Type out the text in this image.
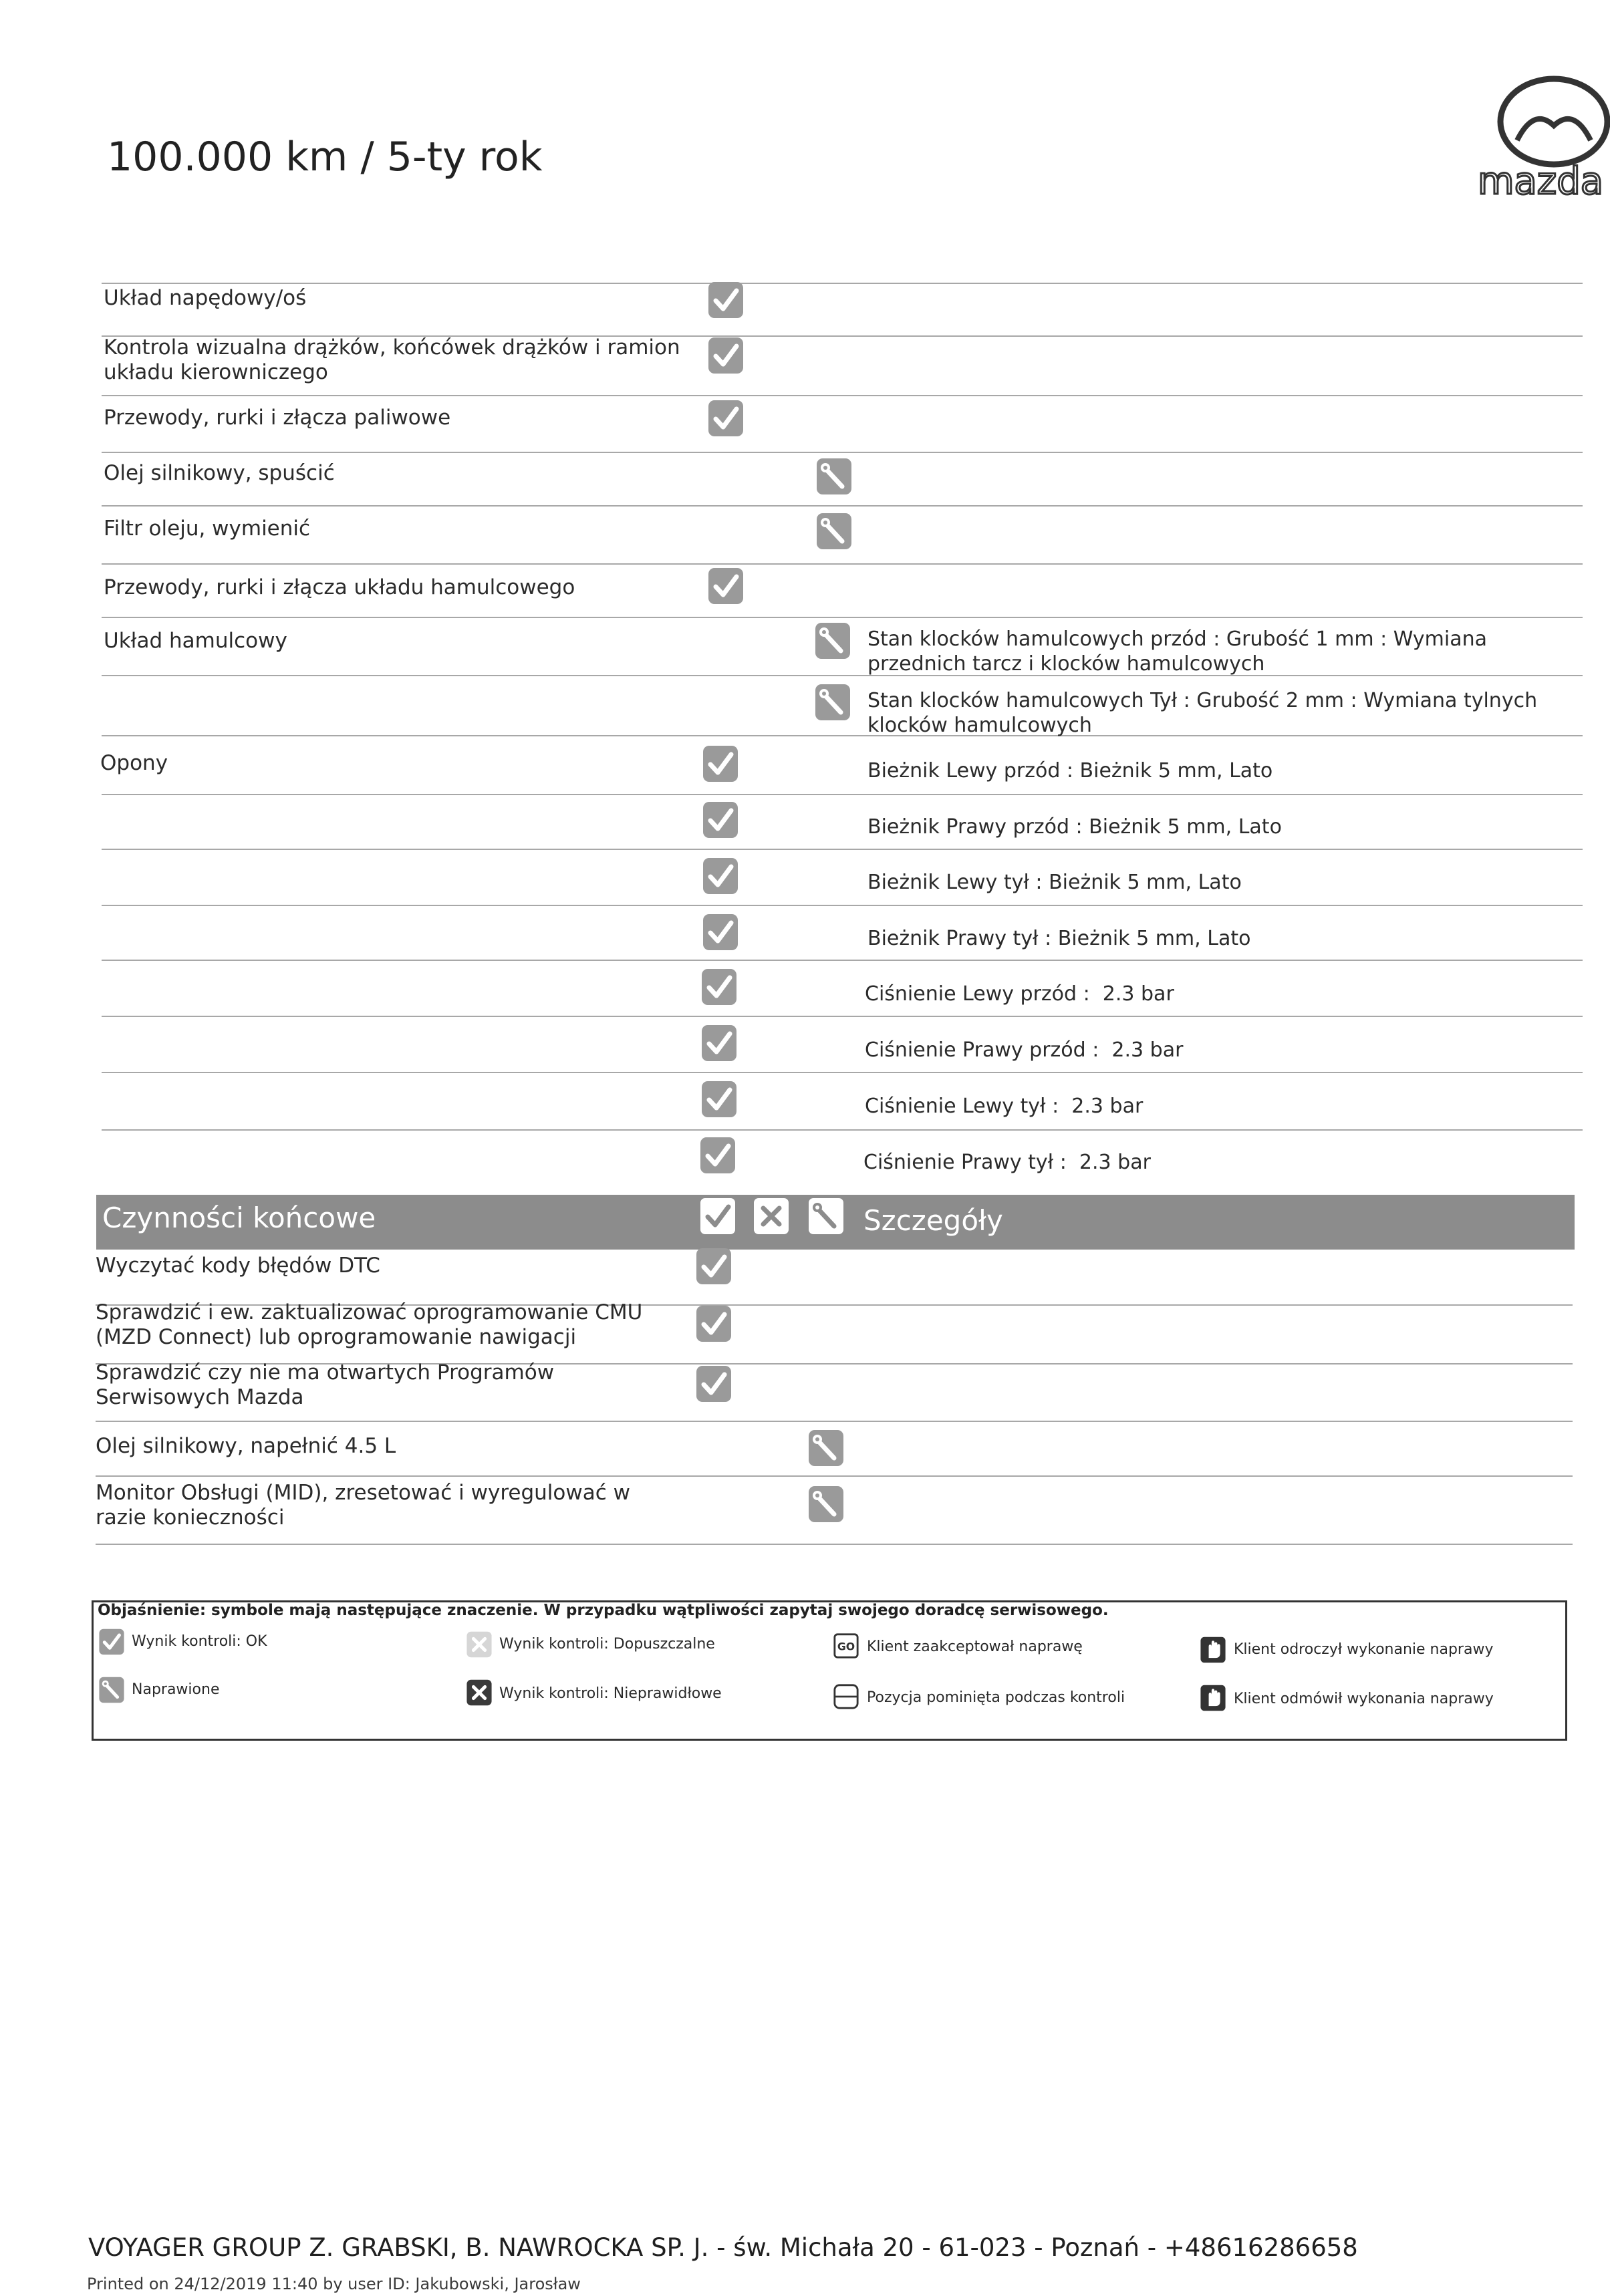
100.000 km / 5-ty rok
mazda
Układ napędowy/oś
Kontrola wizualna drążków, końcówek drążków i ramion układu kierowniczego
Przewody, rurki i złącza paliwowe
Olej silnikowy, spuścić
Filtr oleju, wymienić
Przewody, rurki i złącza układu hamulcowego
Układ hamulcowy	Stan klocków hamulcowych przód : Grubość 1 mm : Wymiana przednich tarcz i klocków hamulcowych
Stan klocków hamulcowych Tył : Grubość 2 mm : Wymiana tylnych klocków hamulcowych
Opony	Bieżnik Lewy przód : Bieżnik 5 mm, Lato
Bieżnik Prawy przód : Bieżnik 5 mm, Lato
Bieżnik Lewy tył : Bieżnik 5 mm, Lato
Bieżnik Prawy tył : Bieżnik 5 mm, Lato
Ciśnienie Lewy przód :  2.3 bar
Ciśnienie Prawy przód :  2.3 bar
Ciśnienie Lewy tył :  2.3 bar
Ciśnienie Prawy tył :  2.3 bar
Czynności końcowe	Szczegóły
Wyczytać kody błędów DTC
Sprawdzić i ew. zaktualizować oprogramowanie CMU (MZD Connect) lub oprogramowanie nawigacji
Sprawdzić czy nie ma otwartych Programów Serwisowych Mazda
Olej silnikowy, napełnić 4.5 L
Monitor Obsługi (MID), zresetować i wyregulować w razie konieczności
Objaśnienie: symbole mają następujące znaczenie. W przypadku wątpliwości zapytaj swojego doradcę serwisowego.
Wynik kontroli: OK	Wynik kontroli: Dopuszczalne	Klient zaakceptował naprawę	Klient odroczył wykonanie naprawy
Naprawione	Wynik kontroli: Nieprawidłowe	Pozycja pominięta podczas kontroli	Klient odmówił wykonania naprawy
VOYAGER GROUP Z. GRABSKI, B. NAWROCKA SP. J. - św. Michała 20 - 61-023 - Poznań - +48616286658
Printed on 24/12/2019 11:40 by user ID: Jakubowski, Jarosław
